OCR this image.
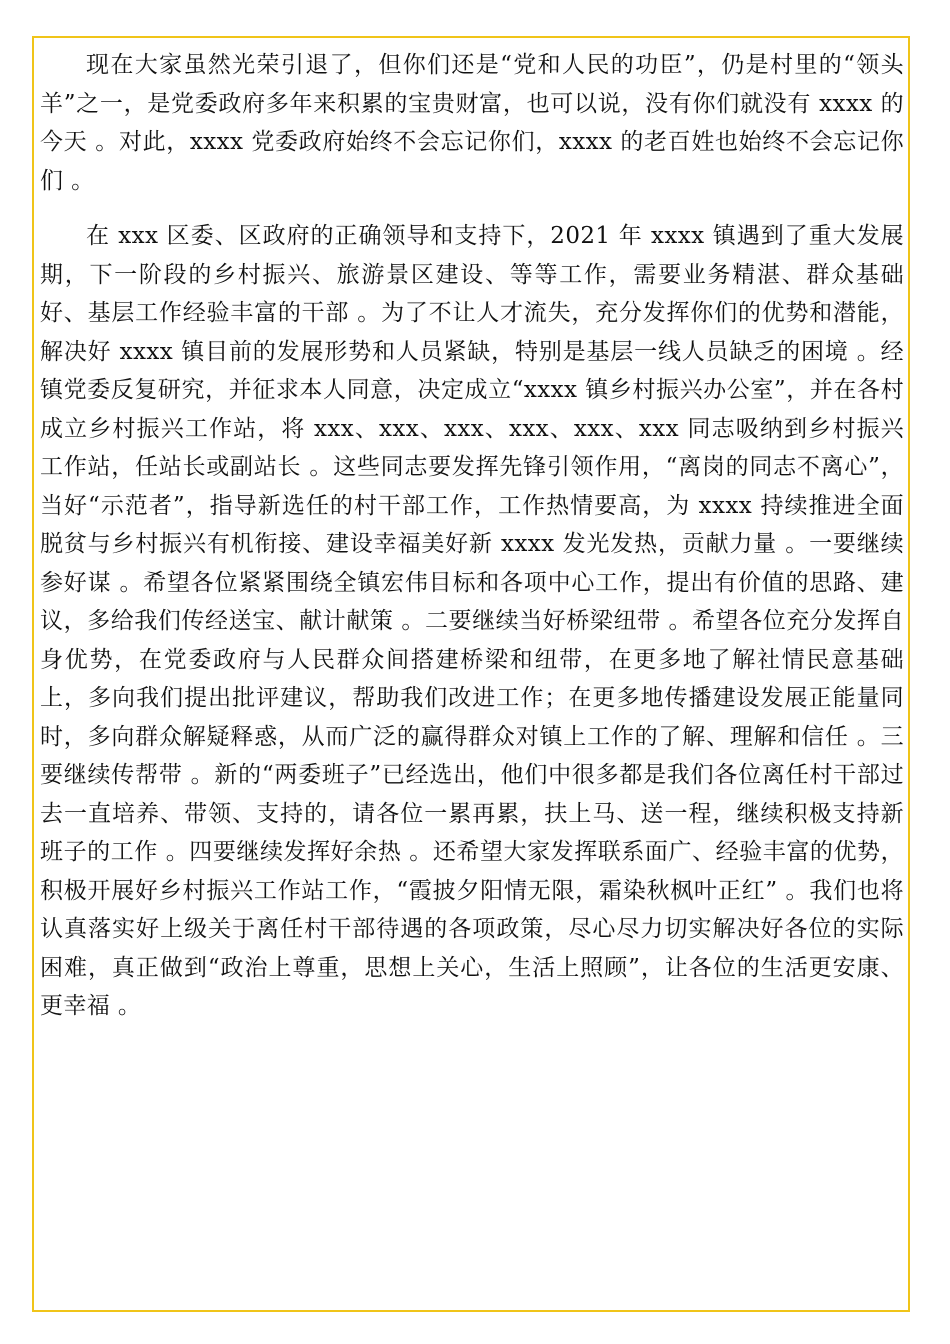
现在大家虽然光荣引退了，但你们还是“党和人民的功臣”，仍是村里的“领头羊”之一，是党委政府多年来积累的宝贵财富，也可以说，没有你们就没有 xxxx 的今天 。对此，xxxx 党委政府始终不会忘记你们，xxxx 的老百姓也始终不会忘记你们 。

在 xxx 区委、区政府的正确领导和支持下，2021 年 xxxx 镇遇到了重大发展期，下一阶段的乡村振兴、旅游景区建设、等等工作，需要业务精湛、群众基础好、基层工作经验丰富的干部 。为了不让人才流失，充分发挥你们的优势和潜能，解决好 xxxx 镇目前的发展形势和人员紧缺，特别是基层一线人员缺乏的困境 。经镇党委反复研究，并征求本人同意，决定成立“xxxx 镇乡村振兴办公室”，并在各村成立乡村振兴工作站，将 xxx、xxx、xxx、xxx、xxx、xxx 同志吸纳到乡村振兴工作站，任站长或副站长 。这些同志要发挥先锋引领作用，“离岗的同志不离心”，当好“示范者”，指导新选任的村干部工作，工作热情要高，为 xxxx 持续推进全面脱贫与乡村振兴有机衔接、建设幸福美好新 xxxx 发光发热，贡献力量 。一要继续参好谋 。希望各位紧紧围绕全镇宏伟目标和各项中心工作，提出有价值的思路、建议，多给我们传经送宝、献计献策 。二要继续当好桥梁纽带 。希望各位充分发挥自身优势，在党委政府与人民群众间搭建桥梁和纽带，在更多地了解社情民意基础上，多向我们提出批评建议，帮助我们改进工作；在更多地传播建设发展正能量同时，多向群众解疑释惑，从而广泛的赢得群众对镇上工作的了解、理解和信任 。三要继续传帮带 。新的“两委班子”已经选出，他们中很多都是我们各位离任村干部过去一直培养、带领、支持的，请各位一累再累，扶上马、送一程，继续积极支持新班子的工作 。四要继续发挥好余热 。还希望大家发挥联系面广、经验丰富的优势，积极开展好乡村振兴工作站工作，“霞披夕阳情无限，霜染秋枫叶正红” 。我们也将认真落实好上级关于离任村干部待遇的各项政策，尽心尽力切实解决好各位的实际困难，真正做到“政治上尊重，思想上关心，生活上照顾”，让各位的生活更安康、更幸福 。
